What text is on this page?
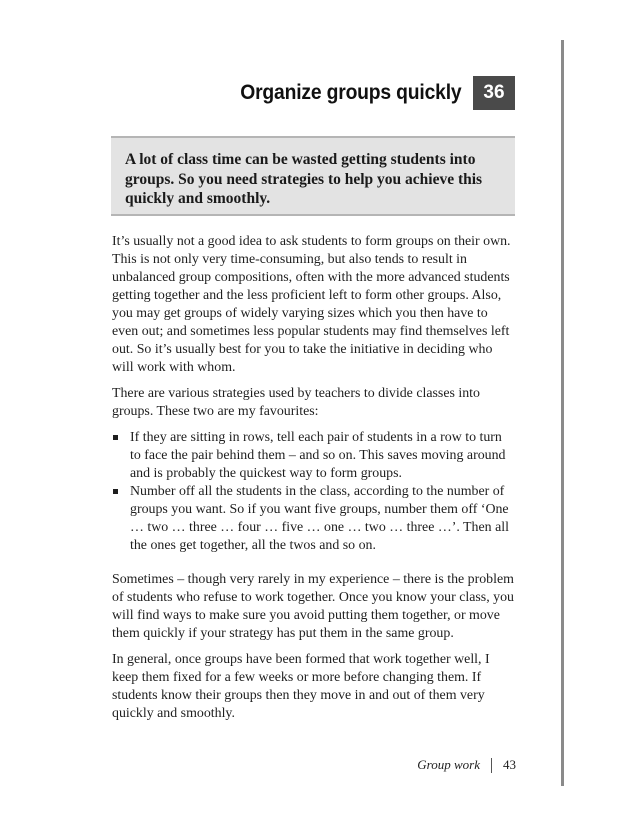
Organize groups quickly	36
A lot of class time can be wasted getting students into groups. So you need strategies to help you achieve this quickly and smoothly.

It’s usually not a good idea to ask students to form groups on their own. This is not only very time-consuming, but also tends to result in unbalanced group compositions, often with the more advanced students getting together and the less proficient left to form other groups. Also, you may get groups of widely varying sizes which you then have to even out; and sometimes less popular students may find themselves left out. So it’s usually best for you to take the initiative in deciding who will work with whom.

There are various strategies used by teachers to divide classes into groups. These two are my favourites:

If they are sitting in rows, tell each pair of students in a row to turn to face the pair behind them – and so on. This saves moving around and is probably the quickest way to form groups.
Number off all the students in the class, according to the number of groups you want. So if you want five groups, number them off ‘One … two … three … four … five … one … two … three …’. Then all the ones get together, all the twos and so on.

Sometimes – though very rarely in my experience – there is the problem of students who refuse to work together. Once you know your class, you will find ways to make sure you avoid putting them together, or move them quickly if your strategy has put them in the same group.

In general, once groups have been formed that work together well, I keep them fixed for a few weeks or more before changing them. If students know their groups then they move in and out of them very quickly and smoothly.

Group work 43
